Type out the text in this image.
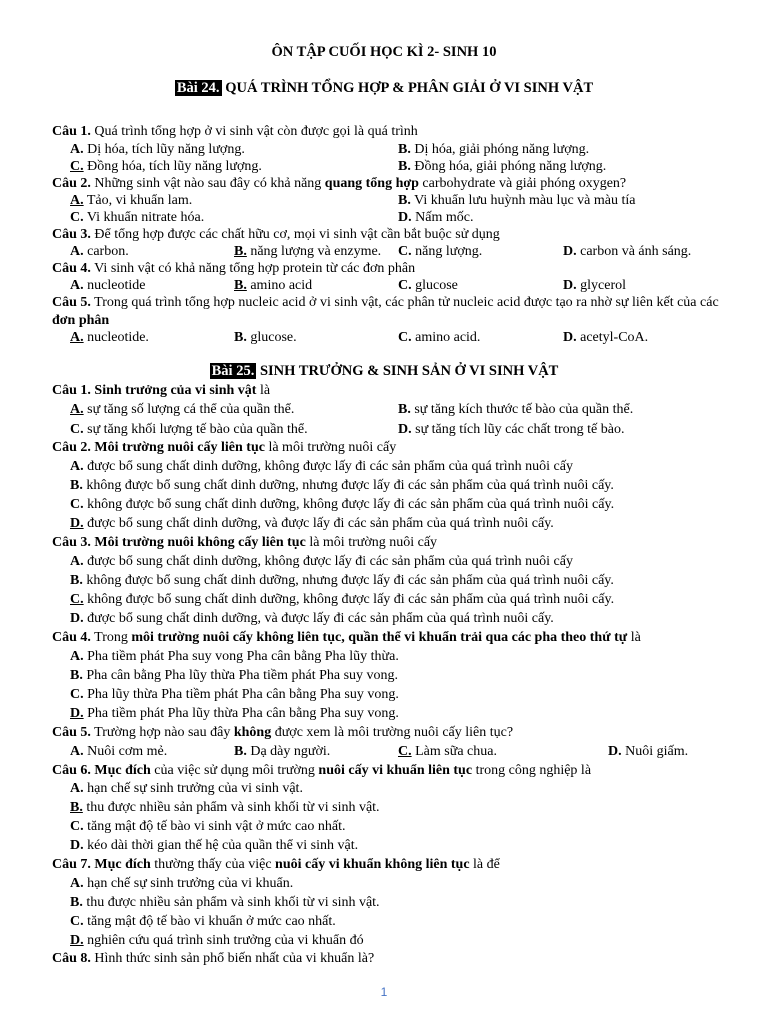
ÔN TẬP CUỐI HỌC KÌ 2- SINH 10
Bài 24. QUÁ TRÌNH TỔNG HỢP & PHÂN GIẢI Ở VI SINH VẬT
Câu 1. Quá trình tổng hợp ở vi sinh vật còn được gọi là quá trình
A. Dị hóa, tích lũy năng lượng.	B. Dị hóa, giải phóng năng lượng.
C. Đồng hóa, tích lũy năng lượng.	B. Đồng hóa, giải phóng năng lượng.
Câu 2. Những sinh vật nào sau đây có khả năng quang tổng hợp carbohydrate và giải phóng oxygen?
A. Tảo, vi khuẩn lam.	B. Vi khuẩn lưu huỳnh màu lục và màu tía
C. Vi khuẩn nitrate hóa.	D. Nấm mốc.
Câu 3. Để tổng hợp được các chất hữu cơ, mọi vi sinh vật cần bắt buộc sử dụng
A. carbon.	B. năng lượng và enzyme. C. năng lượng.	D. carbon và ánh sáng.
Câu 4. Vi sinh vật có khả năng tổng hợp protein từ các đơn phân
A. nucleotide	B. amino acid	C. glucose	D. glycerol
Câu 5. Trong quá trình tổng hợp nucleic acid ở vi sinh vật, các phân tử nucleic acid được tạo ra nhờ sự liên kết của các đơn phân
A. nucleotide.	B. glucose.	C. amino acid.	D. acetyl-CoA.
Bài 25. SINH TRƯỞNG & SINH SẢN Ở VI SINH VẬT
Câu 1. Sinh trưởng của vi sinh vật là
A. sự tăng số lượng cá thể của quần thể.	B. sự tăng kích thước tế bào của quần thể.
C. sự tăng khối lượng tế bào của quần thể.	D. sự tăng tích lũy các chất trong tế bào.
Câu 2. Môi trường nuôi cấy liên tục là môi trường nuôi cấy
A. được bổ sung chất dinh dưỡng, không được lấy đi các sản phẩm của quá trình nuôi cấy
B. không được bổ sung chất dinh dưỡng, nhưng được lấy đi các sản phẩm của quá trình nuôi cấy.
C. không được bổ sung chất dinh dưỡng, không được lấy đi các sản phẩm của quá trình nuôi cấy.
D. được bổ sung chất dinh dưỡng, và được lấy đi các sản phẩm của quá trình nuôi cấy.
Câu 3. Môi trường nuôi không cấy liên tục là môi trường nuôi cấy
A. được bổ sung chất dinh dưỡng, không được lấy đi các sản phẩm của quá trình nuôi cấy
B. không được bổ sung chất dinh dưỡng, nhưng được lấy đi các sản phẩm của quá trình nuôi cấy.
C. không được bổ sung chất dinh dưỡng, không được lấy đi các sản phẩm của quá trình nuôi cấy.
D. được bổ sung chất dinh dưỡng, và được lấy đi các sản phẩm của quá trình nuôi cấy.
Câu 4. Trong môi trường nuôi cấy không liên tục, quần thể vi khuẩn trải qua các pha theo thứ tự là
A. Pha tiềm phát Pha suy vong Pha cân bằng Pha lũy thừa.
B. Pha cân bằng Pha lũy thừa Pha tiềm phát Pha suy vong.
C. Pha lũy thừa Pha tiềm phát Pha cân bằng Pha suy vong.
D. Pha tiềm phát Pha lũy thừa Pha cân bằng Pha suy vong.
Câu 5. Trường hợp nào sau đây không được xem là môi trường nuôi cấy liên tục?
A. Nuôi cơm mẻ.	B. Dạ dày người.	C. Làm sữa chua.	D. Nuôi giấm.
Câu 6. Mục đích của việc sử dụng môi trường nuôi cấy vi khuẩn liên tục trong công nghiệp là
A. hạn chế sự sinh trưởng của vi sinh vật.
B. thu được nhiều sản phẩm và sinh khối từ vi sinh vật.
C. tăng mật độ tế bào vi sinh vật ở mức cao nhất.
D. kéo dài thời gian thế hệ của quần thể vi sinh vật.
Câu 7. Mục đích thường thấy của việc nuôi cấy vi khuẩn không liên tục là để
A. hạn chế sự sinh trưởng của vi khuẩn.
B. thu được nhiều sản phẩm và sinh khối từ vi sinh vật.
C. tăng mật độ tế bào vi khuẩn ở mức cao nhất.
D. nghiên cứu quá trình sinh trưởng của vi khuẩn đó
Câu 8. Hình thức sinh sản phổ biến nhất của vi khuẩn là?
1
